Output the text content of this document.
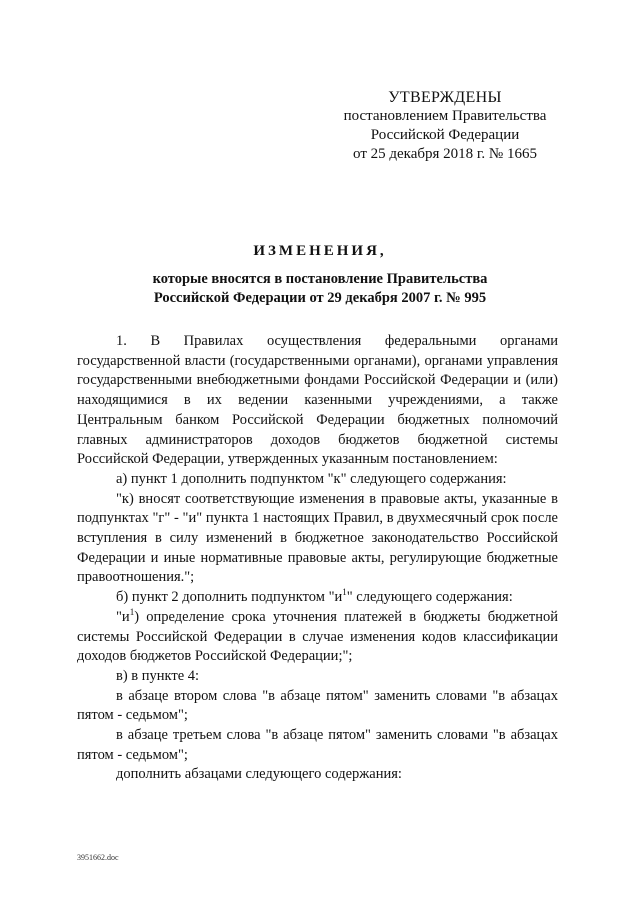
УТВЕРЖДЕНЫ
постановлением Правительства
Российской Федерации
от 25 декабря 2018 г. № 1665
ИЗМЕНЕНИЯ,
которые вносятся в постановление Правительства
Российской Федерации от 29 декабря 2007 г. № 995

1. В Правилах осуществления федеральными органами государственной власти (государственными органами), органами управления государственными внебюджетными фондами Российской Федерации и (или) находящимися в их ведении казенными учреждениями, а также Центральным банком Российской Федерации бюджетных полномочий главных администраторов доходов бюджетов бюджетной системы Российской Федерации, утвержденных указанным постановлением:

а) пункт 1 дополнить подпунктом "к" следующего содержания:

"к) вносят соответствующие изменения в правовые акты, указанные в подпунктах "г" - "и" пункта 1 настоящих Правил, в двухмесячный срок после вступления в силу изменений в бюджетное законодательство Российской Федерации и иные нормативные правовые акты, регулирующие бюджетные правоотношения.";

б) пункт 2 дополнить подпунктом "$и^1$" следующего содержания:

"$и^1$) определение срока уточнения платежей в бюджеты бюджетной системы Российской Федерации в случае изменения кодов классификации доходов бюджетов Российской Федерации;";

в) в пункте 4:

в абзаце втором слова "в абзаце пятом" заменить словами "в абзацах пятом - седьмом";

в абзаце третьем слова "в абзаце пятом" заменить словами "в абзацах пятом - седьмом";

дополнить абзацами следующего содержания:

3951662.doc
